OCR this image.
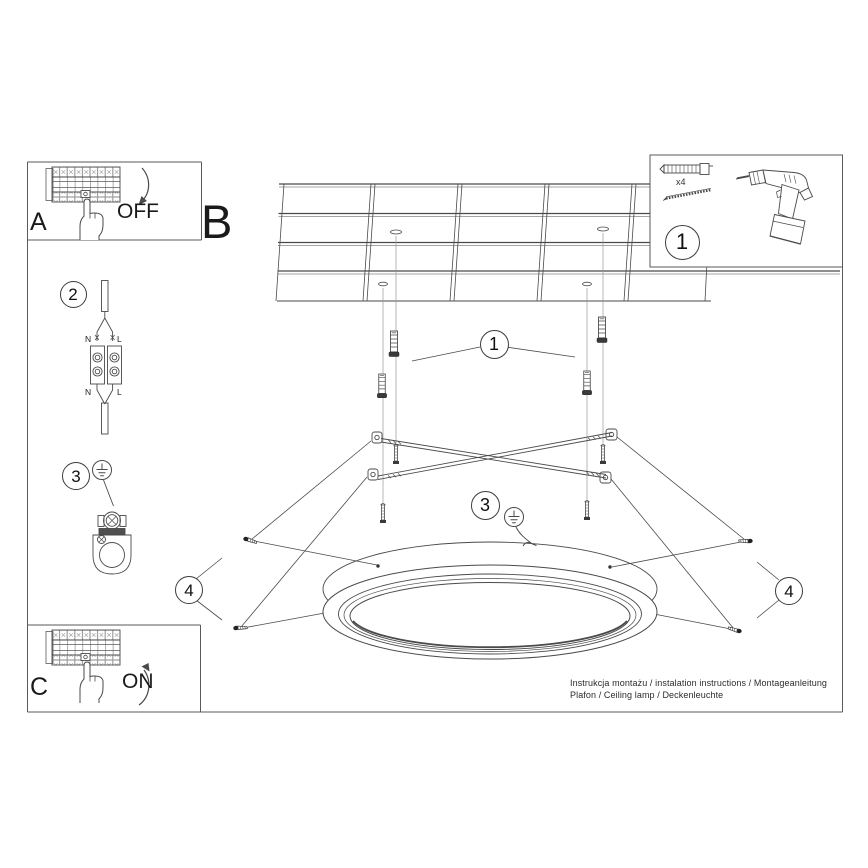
A	B
C
OFF
ON
x4
1
1
2
3
3
4	4
N	L
N	L
Instrukcja montażu / instalation instructions / Montageanleitung
Plafon / Ceiling lamp / Deckenleuchte
